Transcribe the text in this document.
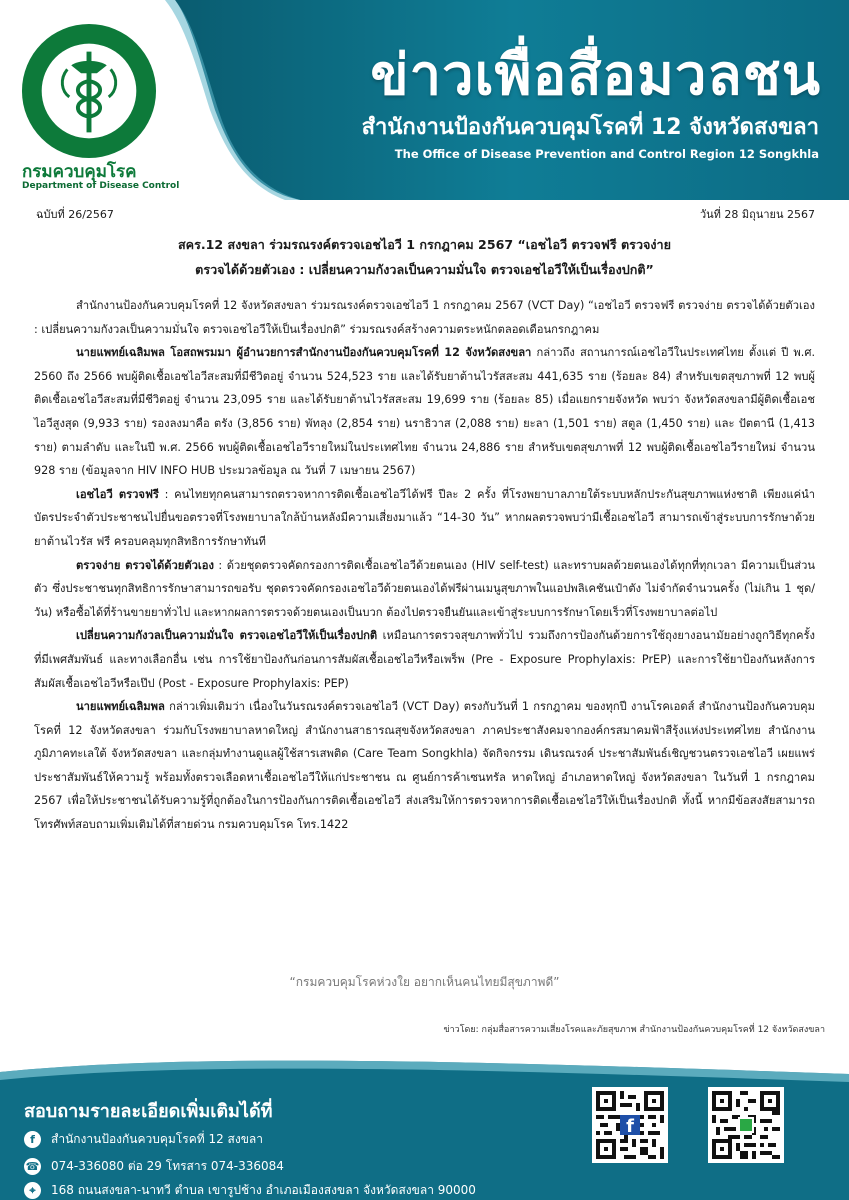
กรมควบคุมโรค
Department of Disease Control
ข่าวเพื่อสื่อมวลชน
สำนักงานป้องกันควบคุมโรคที่ 12 จังหวัดสงขลา
The Office of Disease Prevention and Control Region 12 Songkhla
ฉบับที่ 26/2567	วันที่ 28 มิถุนายน 2567
สคร.12 สงขลา ร่วมรณรงค์ตรวจเอชไอวี 1 กรกฎาคม 2567 “เอชไอวี ตรวจฟรี ตรวจง่าย
ตรวจได้ด้วยตัวเอง : เปลี่ยนความกังวลเป็นความมั่นใจ ตรวจเอชไอวีให้เป็นเรื่องปกติ”

สำนักงานป้องกันควบคุมโรคที่ 12 จังหวัดสงขลา ร่วมรณรงค์ตรวจเอชไอวี 1 กรกฎาคม 2567 (VCT Day) “เอชไอวี ตรวจฟรี ตรวจง่าย ตรวจได้ด้วยตัวเอง : เปลี่ยนความกังวลเป็นความมั่นใจ ตรวจเอชไอวีให้เป็นเรื่องปกติ” ร่วมรณรงค์สร้างความตระหนักตลอดเดือนกรกฎาคม

นายแพทย์เฉลิมพล โอสถพรมมา ผู้อำนวยการสำนักงานป้องกันควบคุมโรคที่ 12 จังหวัดสงขลา กล่าวถึง สถานการณ์เอชไอวีในประเทศไทย ตั้งแต่ ปี พ.ศ. 2560 ถึง 2566 พบผู้ติดเชื้อเอชไอวีสะสมที่มีชีวิตอยู่ จำนวน 524,523 ราย และได้รับยาต้านไวรัสสะสม 441,635 ราย (ร้อยละ 84) สำหรับเขตสุขภาพที่ 12 พบผู้ติดเชื้อเอชไอวีสะสมที่มีชีวิตอยู่ จำนวน 23,095 ราย และได้รับยาต้านไวรัสสะสม 19,699 ราย (ร้อยละ 85) เมื่อแยกรายจังหวัด พบว่า จังหวัดสงขลามีผู้ติดเชื้อเอชไอวีสูงสุด (9,933 ราย) รองลงมาคือ ตรัง (3,856 ราย) พัทลุง (2,854 ราย) นราธิวาส (2,088 ราย) ยะลา (1,501 ราย) สตูล (1,450 ราย) และ ปัตตานี (1,413 ราย) ตามลำดับ และในปี พ.ศ. 2566 พบผู้ติดเชื้อเอชไอวีรายใหม่ในประเทศไทย จำนวน 24,886 ราย สำหรับเขตสุขภาพที่ 12 พบผู้ติดเชื้อเอชไอวีรายใหม่ จำนวน 928 ราย (ข้อมูลจาก HIV INFO HUB ประมวลข้อมูล ณ วันที่ 7 เมษายน 2567)

เอชไอวี ตรวจฟรี : คนไทยทุกคนสามารถตรวจหาการติดเชื้อเอชไอวีได้ฟรี ปีละ 2 ครั้ง ที่โรงพยาบาลภายใต้ระบบหลักประกันสุขภาพแห่งชาติ เพียงแค่นำบัตรประจำตัวประชาชนไปยื่นขอตรวจที่โรงพยาบาลใกล้บ้านหลังมีความเสี่ยงมาแล้ว “14-30 วัน” หากผลตรวจพบว่ามีเชื้อเอชไอวี สามารถเข้าสู่ระบบการรักษาด้วยยาต้านไวรัส ฟรี ครอบคลุมทุกสิทธิการรักษาทันที

ตรวจง่าย ตรวจได้ด้วยตัวเอง : ด้วยชุดตรวจคัดกรองการติดเชื้อเอชไอวีด้วยตนเอง (HIV self-test) และทราบผลด้วยตนเองได้ทุกที่ทุกเวลา มีความเป็นส่วนตัว ซึ่งประชาชนทุกสิทธิการรักษาสามารถขอรับ ชุดตรวจคัดกรองเอชไอวีด้วยตนเองได้ฟรีผ่านเมนูสุขภาพในแอปพลิเคชันเป๋าตัง ไม่จำกัดจำนวนครั้ง (ไม่เกิน 1 ชุด/วัน) หรือซื้อได้ที่ร้านขายยาทั่วไป และหากผลการตรวจด้วยตนเองเป็นบวก ต้องไปตรวจยืนยันและเข้าสู่ระบบการรักษาโดยเร็วที่โรงพยาบาลต่อไป

เปลี่ยนความกังวลเป็นความมั่นใจ ตรวจเอชไอวีให้เป็นเรื่องปกติ เหมือนการตรวจสุขภาพทั่วไป รวมถึงการป้องกันด้วยการใช้ถุงยางอนามัยอย่างถูกวิธีทุกครั้งที่มีเพศสัมพันธ์ และทางเลือกอื่น เช่น การใช้ยาป้องกันก่อนการสัมผัสเชื้อเอชไอวีหรือเพร็พ (Pre - Exposure Prophylaxis: PrEP) และการใช้ยาป้องกันหลังการสัมผัสเชื้อเอชไอวีหรือเป๊ป (Post - Exposure Prophylaxis: PEP)

นายแพทย์เฉลิมพล กล่าวเพิ่มเติมว่า เนื่องในวันรณรงค์ตรวจเอชไอวี (VCT Day) ตรงกับวันที่ 1 กรกฎาคม ของทุกปี งานโรคเอดส์ สำนักงานป้องกันควบคุมโรคที่ 12 จังหวัดสงขลา ร่วมกับโรงพยาบาลหาดใหญ่ สำนักงานสาธารณสุขจังหวัดสงขลา ภาคประชาสังคมจากองค์กรสมาคมฟ้าสีรุ้งแห่งประเทศไทย สำนักงานภูมิภาคทะเลใต้ จังหวัดสงขลา และกลุ่มทำงานดูแลผู้ใช้สารเสพติด (Care Team Songkhla) จัดกิจกรรม เดินรณรงค์ ประชาสัมพันธ์เชิญชวนตรวจเอชไอวี เผยแพร่ประชาสัมพันธ์ให้ความรู้ พร้อมทั้งตรวจเลือดหาเชื้อเอชไอวีให้แก่ประชาชน ณ ศูนย์การค้าเซนทรัล หาดใหญ่ อำเภอหาดใหญ่ จังหวัดสงขลา ในวันที่ 1 กรกฎาคม 2567 เพื่อให้ประชาชนได้รับความรู้ที่ถูกต้องในการป้องกันการติดเชื้อเอชไอวี ส่งเสริมให้การตรวจหาการติดเชื้อเอชไอวีให้เป็นเรื่องปกติ ทั้งนี้ หากมีข้อสงสัยสามารถโทรศัพท์สอบถามเพิ่มเติมได้ที่สายด่วน กรมควบคุมโรค โทร.1422

“กรมควบคุมโรคห่วงใย อยากเห็นคนไทยมีสุขภาพดี”
ข่าวโดย: กลุ่มสื่อสารความเสี่ยงโรคและภัยสุขภาพ สำนักงานป้องกันควบคุมโรคที่ 12 จังหวัดสงขลา
สอบถามรายละเอียดเพิ่มเติมได้ที่
f	สำนักงานป้องกันควบคุมโรคที่ 12 สงขลา
☎ 074-336080 ต่อ 29 โทรสาร 074-336084
⌖	168 ถนนสงขลา-นาทวี ตำบล เขารูปช้าง อำเภอเมืองสงขลา จังหวัดสงขลา 90000
f
